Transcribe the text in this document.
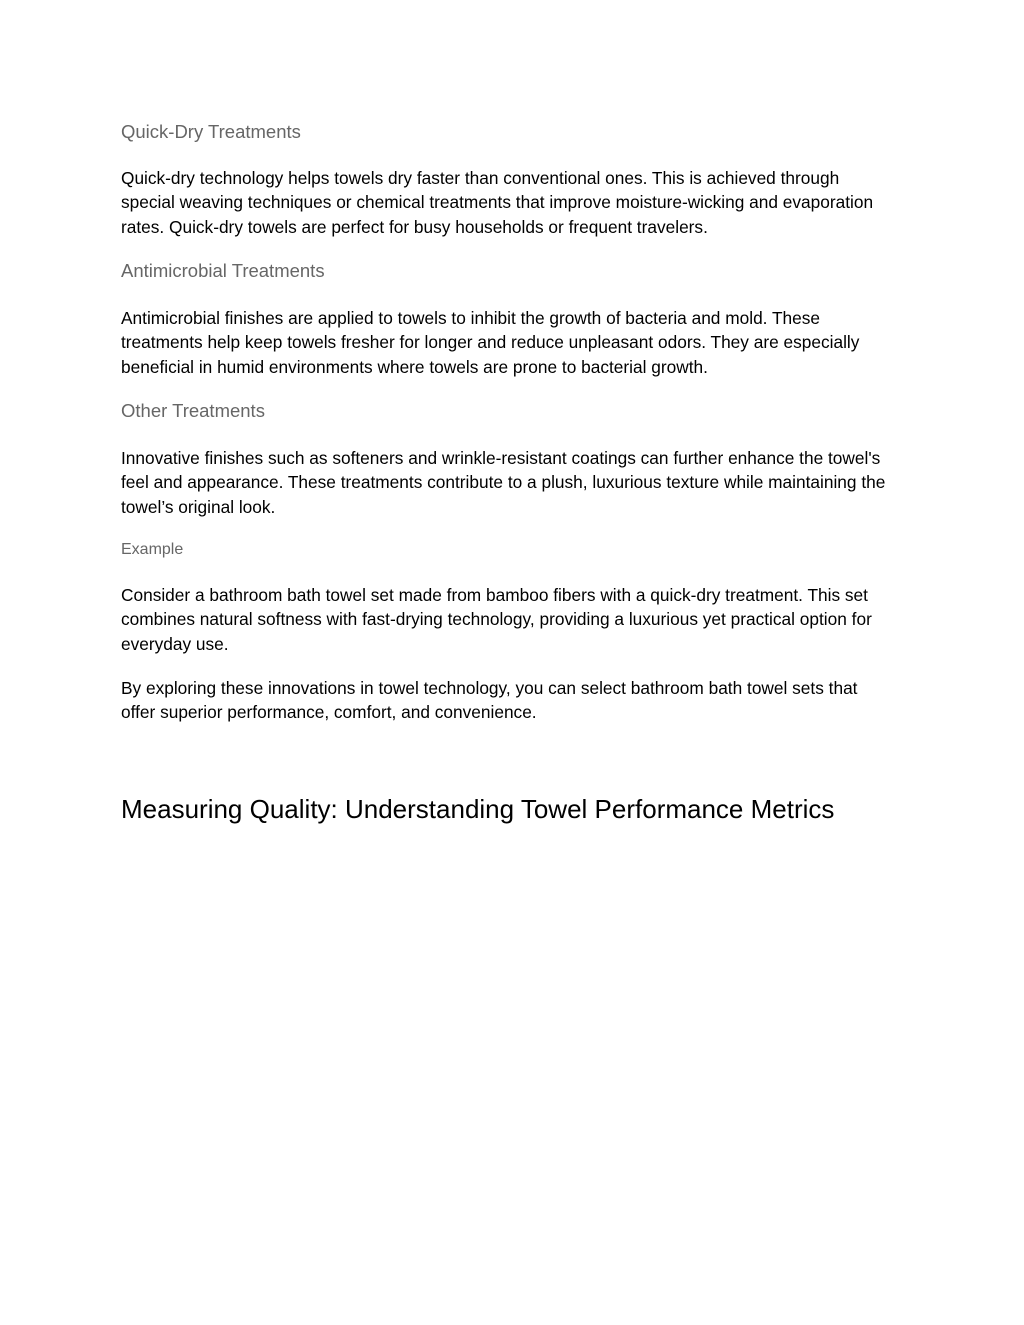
Quick-Dry Treatments

Quick-dry technology helps towels dry faster than conventional ones. This is achieved through special weaving techniques or chemical treatments that improve moisture-wicking and evaporation rates. Quick-dry towels are perfect for busy households or frequent travelers.

Antimicrobial Treatments

Antimicrobial finishes are applied to towels to inhibit the growth of bacteria and mold. These treatments help keep towels fresher for longer and reduce unpleasant odors. They are especially beneficial in humid environments where towels are prone to bacterial growth.

Other Treatments

Innovative finishes such as softeners and wrinkle-resistant coatings can further enhance the towel's feel and appearance. These treatments contribute to a plush, luxurious texture while maintaining the towel’s original look.

Example

Consider a bathroom bath towel set made from bamboo fibers with a quick-dry treatment. This set combines natural softness with fast-drying technology, providing a luxurious yet practical option for everyday use.

By exploring these innovations in towel technology, you can select bathroom bath towel sets that offer superior performance, comfort, and convenience.

Measuring Quality: Understanding Towel Performance Metrics
